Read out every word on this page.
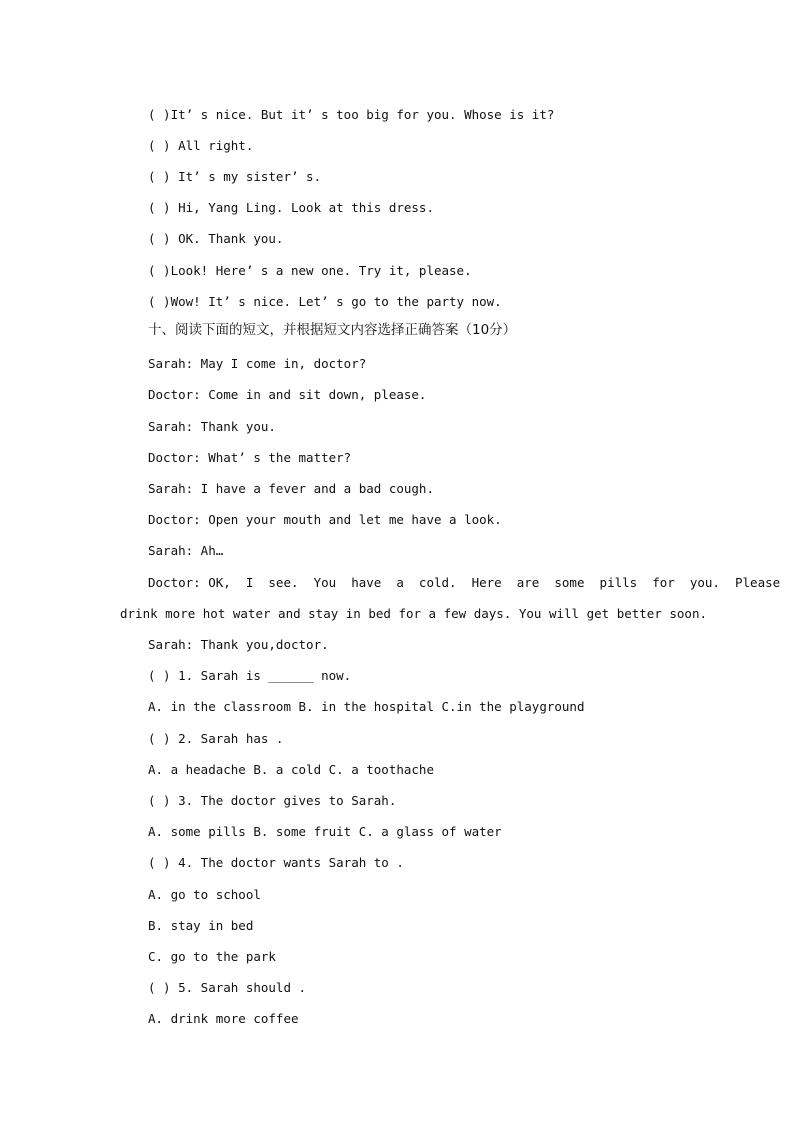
( )It’ s nice. But it’ s too big for you. Whose is it?
( ) All right.
( ) It’ s my sister’ s.
( ) Hi, Yang Ling. Look at this dress.
( ) OK. Thank you.
( )Look! Here’ s a new one. Try it, please.
( )Wow! It’ s nice. Let’ s go to the party now.
十、阅读下面的短文，并根据短文内容选择正确答案（10分）
Sarah: May I come in, doctor?
Doctor: Come in and sit down, please.
Sarah: Thank you.
Doctor: What’ s the matter?
Sarah: I have a fever and a bad cough.
Doctor: Open your mouth and let me have a look.
Sarah: Ah…
Doctor: OK,  I  see.  You  have  a  cold.  Here  are  some  pills  for  you.  Please
drink more hot water and stay in bed for a few days. You will get better soon.
Sarah: Thank you,doctor.
( ) 1. Sarah is ______ now.
A. in the classroom B. in the hospital C.in the playground
( ) 2. Sarah has .
A. a headache B. a cold C. a toothache
( ) 3. The doctor gives to Sarah.
A. some pills B. some fruit C. a glass of water
( ) 4. The doctor wants Sarah to .
A. go to school
B. stay in bed
C. go to the park
( ) 5. Sarah should .
A. drink more coffee
